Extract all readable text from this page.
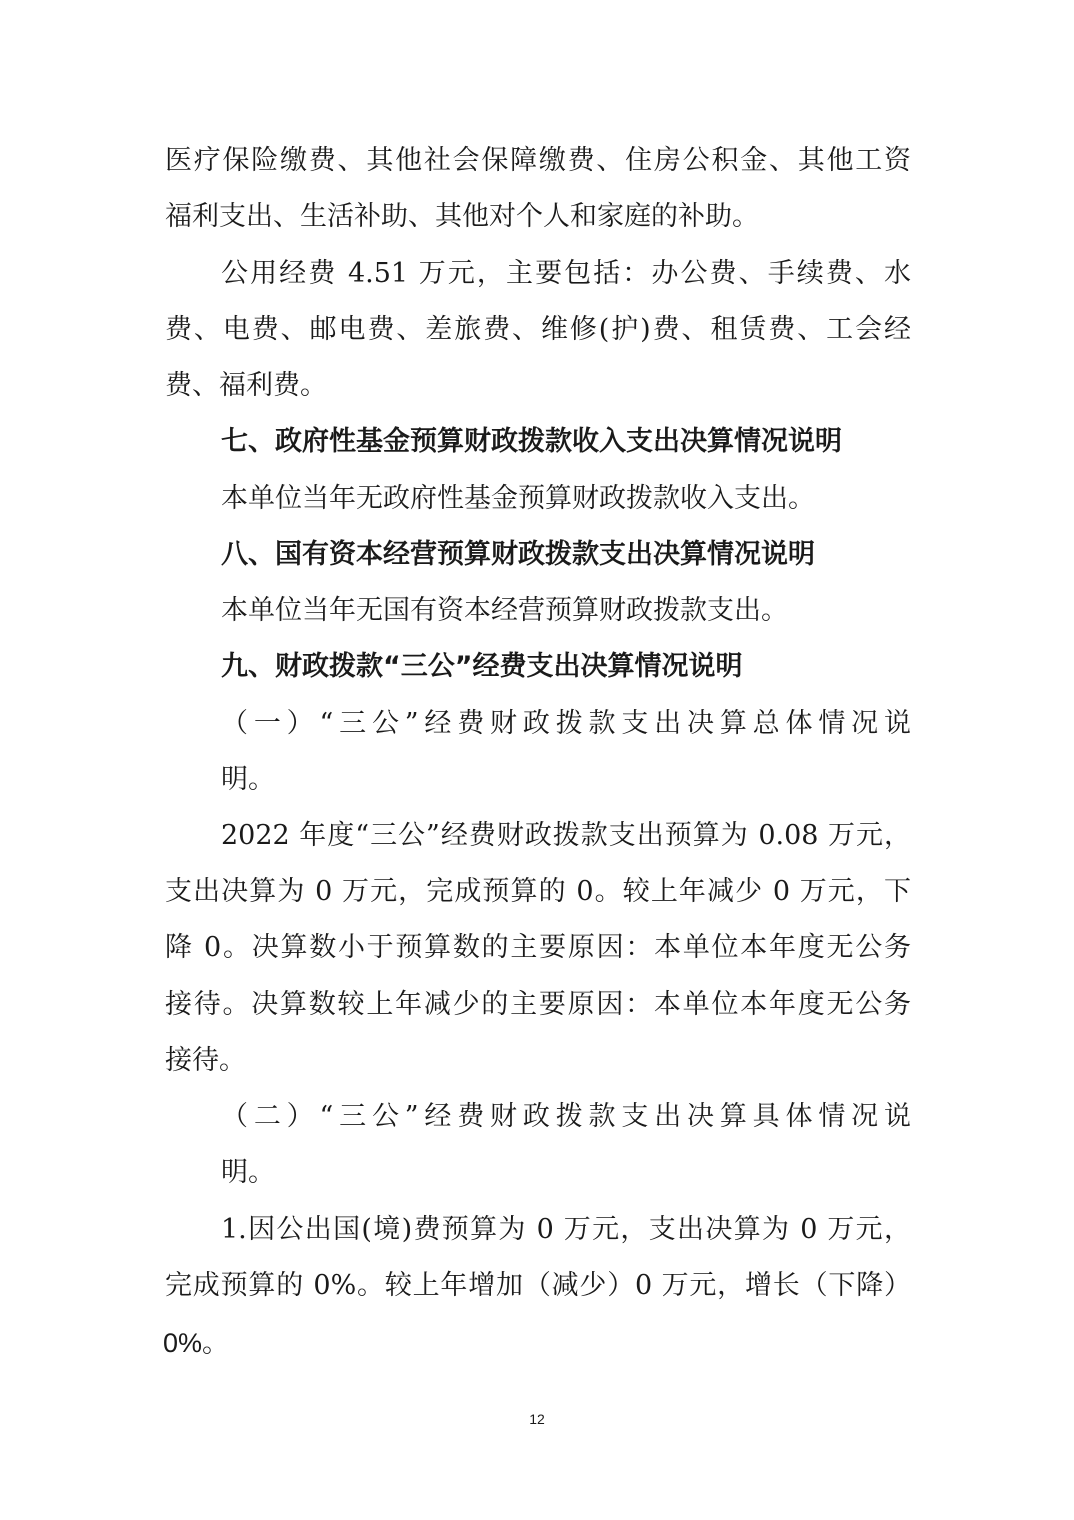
医疗保险缴费、其他社会保障缴费、住房公积金、其他工资
福利支出、生活补助、其他对个人和家庭的补助。
公用经费 4.51 万元，主要包括：办公费、手续费、水
费、电费、邮电费、差旅费、维修(护)费、租赁费、工会经
费、福利费。
七、政府性基金预算财政拨款收入支出决算情况说明
本单位当年无政府性基金预算财政拨款收入支出。
八、国有资本经营预算财政拨款支出决算情况说明
本单位当年无国有资本经营预算财政拨款支出。
九、财政拨款“三公”经费支出决算情况说明
（一）“三公”经费财政拨款支出决算总体情况说
明。
2022 年度“三公”经费财政拨款支出预算为 0.08 万元，
支出决算为 0 万元，完成预算的 0。较上年减少 0 万元，下
降 0。决算数小于预算数的主要原因：本单位本年度无公务
接待。决算数较上年减少的主要原因：本单位本年度无公务
接待。
（二）“三公”经费财政拨款支出决算具体情况说
明。
1.因公出国(境)费预算为 0 万元，支出决算为 0 万元，
完成预算的 0%。较上年增加（减少）0 万元，增长（下降）
0%。
12
